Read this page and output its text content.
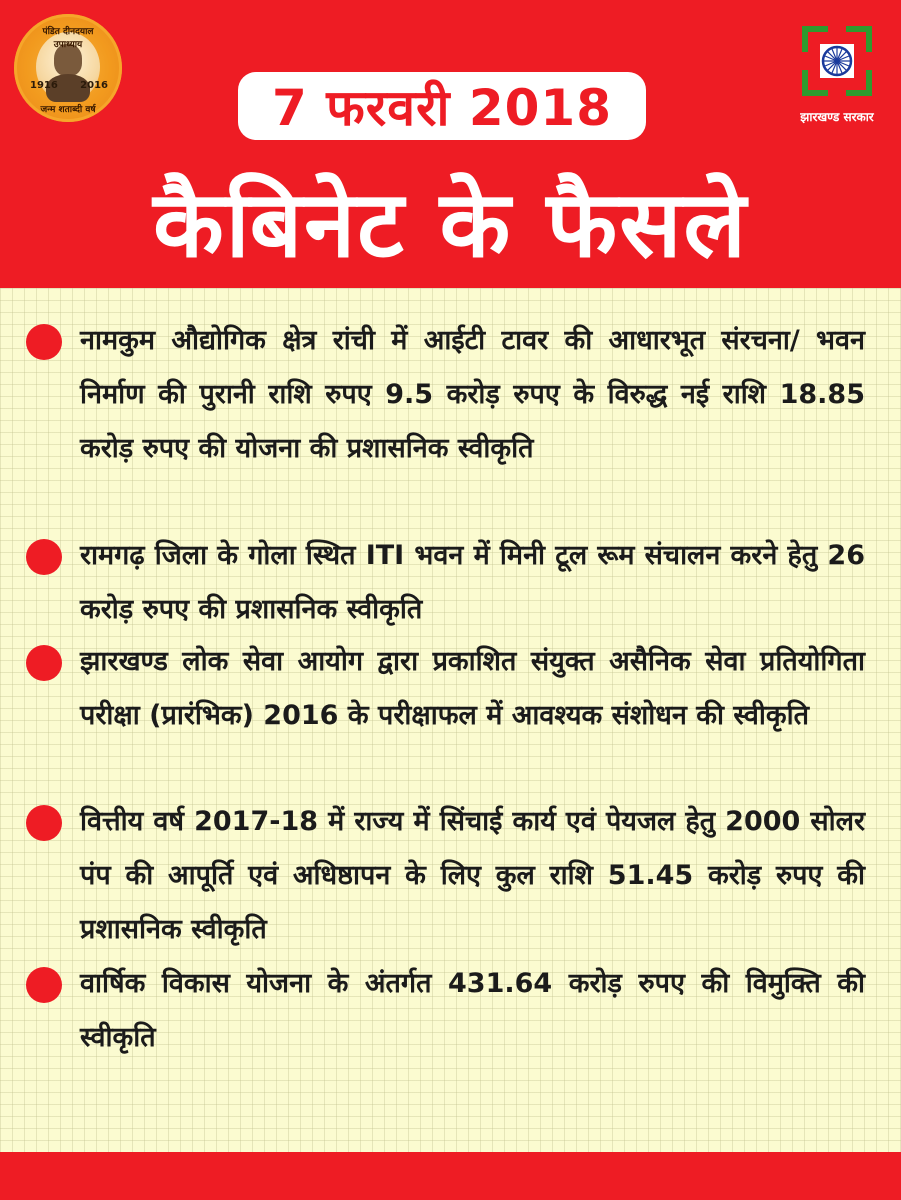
पंडित दीनदयाल उपाध्याय
1916 2016
जन्म शताब्दी वर्ष	झारखण्ड सरकार
7 फरवरी 2018
कैबिनेट के फैसले
नामकुम औद्योगिक क्षेत्र रांची में आईटी टावर की आधारभूत संरचना/ भवन निर्माण की पुरानी राशि रुपए 9.5 करोड़ रुपए के विरुद्ध नई राशि 18.85 करोड़ रुपए की योजना की प्रशासनिक स्वीकृति
रामगढ़ जिला के गोला स्थित ITI भवन में मिनी टूल रूम संचालन करने हेतु 26 करोड़ रुपए की प्रशासनिक स्वीकृति
झारखण्ड लोक सेवा आयोग द्वारा प्रकाशित संयुक्त असैनिक सेवा प्रतियोगिता परीक्षा (प्रारंभिक) 2016 के परीक्षाफल में आवश्यक संशोधन की स्वीकृति
वित्तीय वर्ष 2017-18 में राज्य में सिंचाई कार्य एवं पेयजल हेतु 2000 सोलर पंप की आपूर्ति एवं अधिष्ठापन के लिए कुल राशि 51.45 करोड़ रुपए की प्रशासनिक स्वीकृति
वार्षिक विकास योजना के अंतर्गत 431.64 करोड़ रुपए की विमुक्ति की स्वीकृति
